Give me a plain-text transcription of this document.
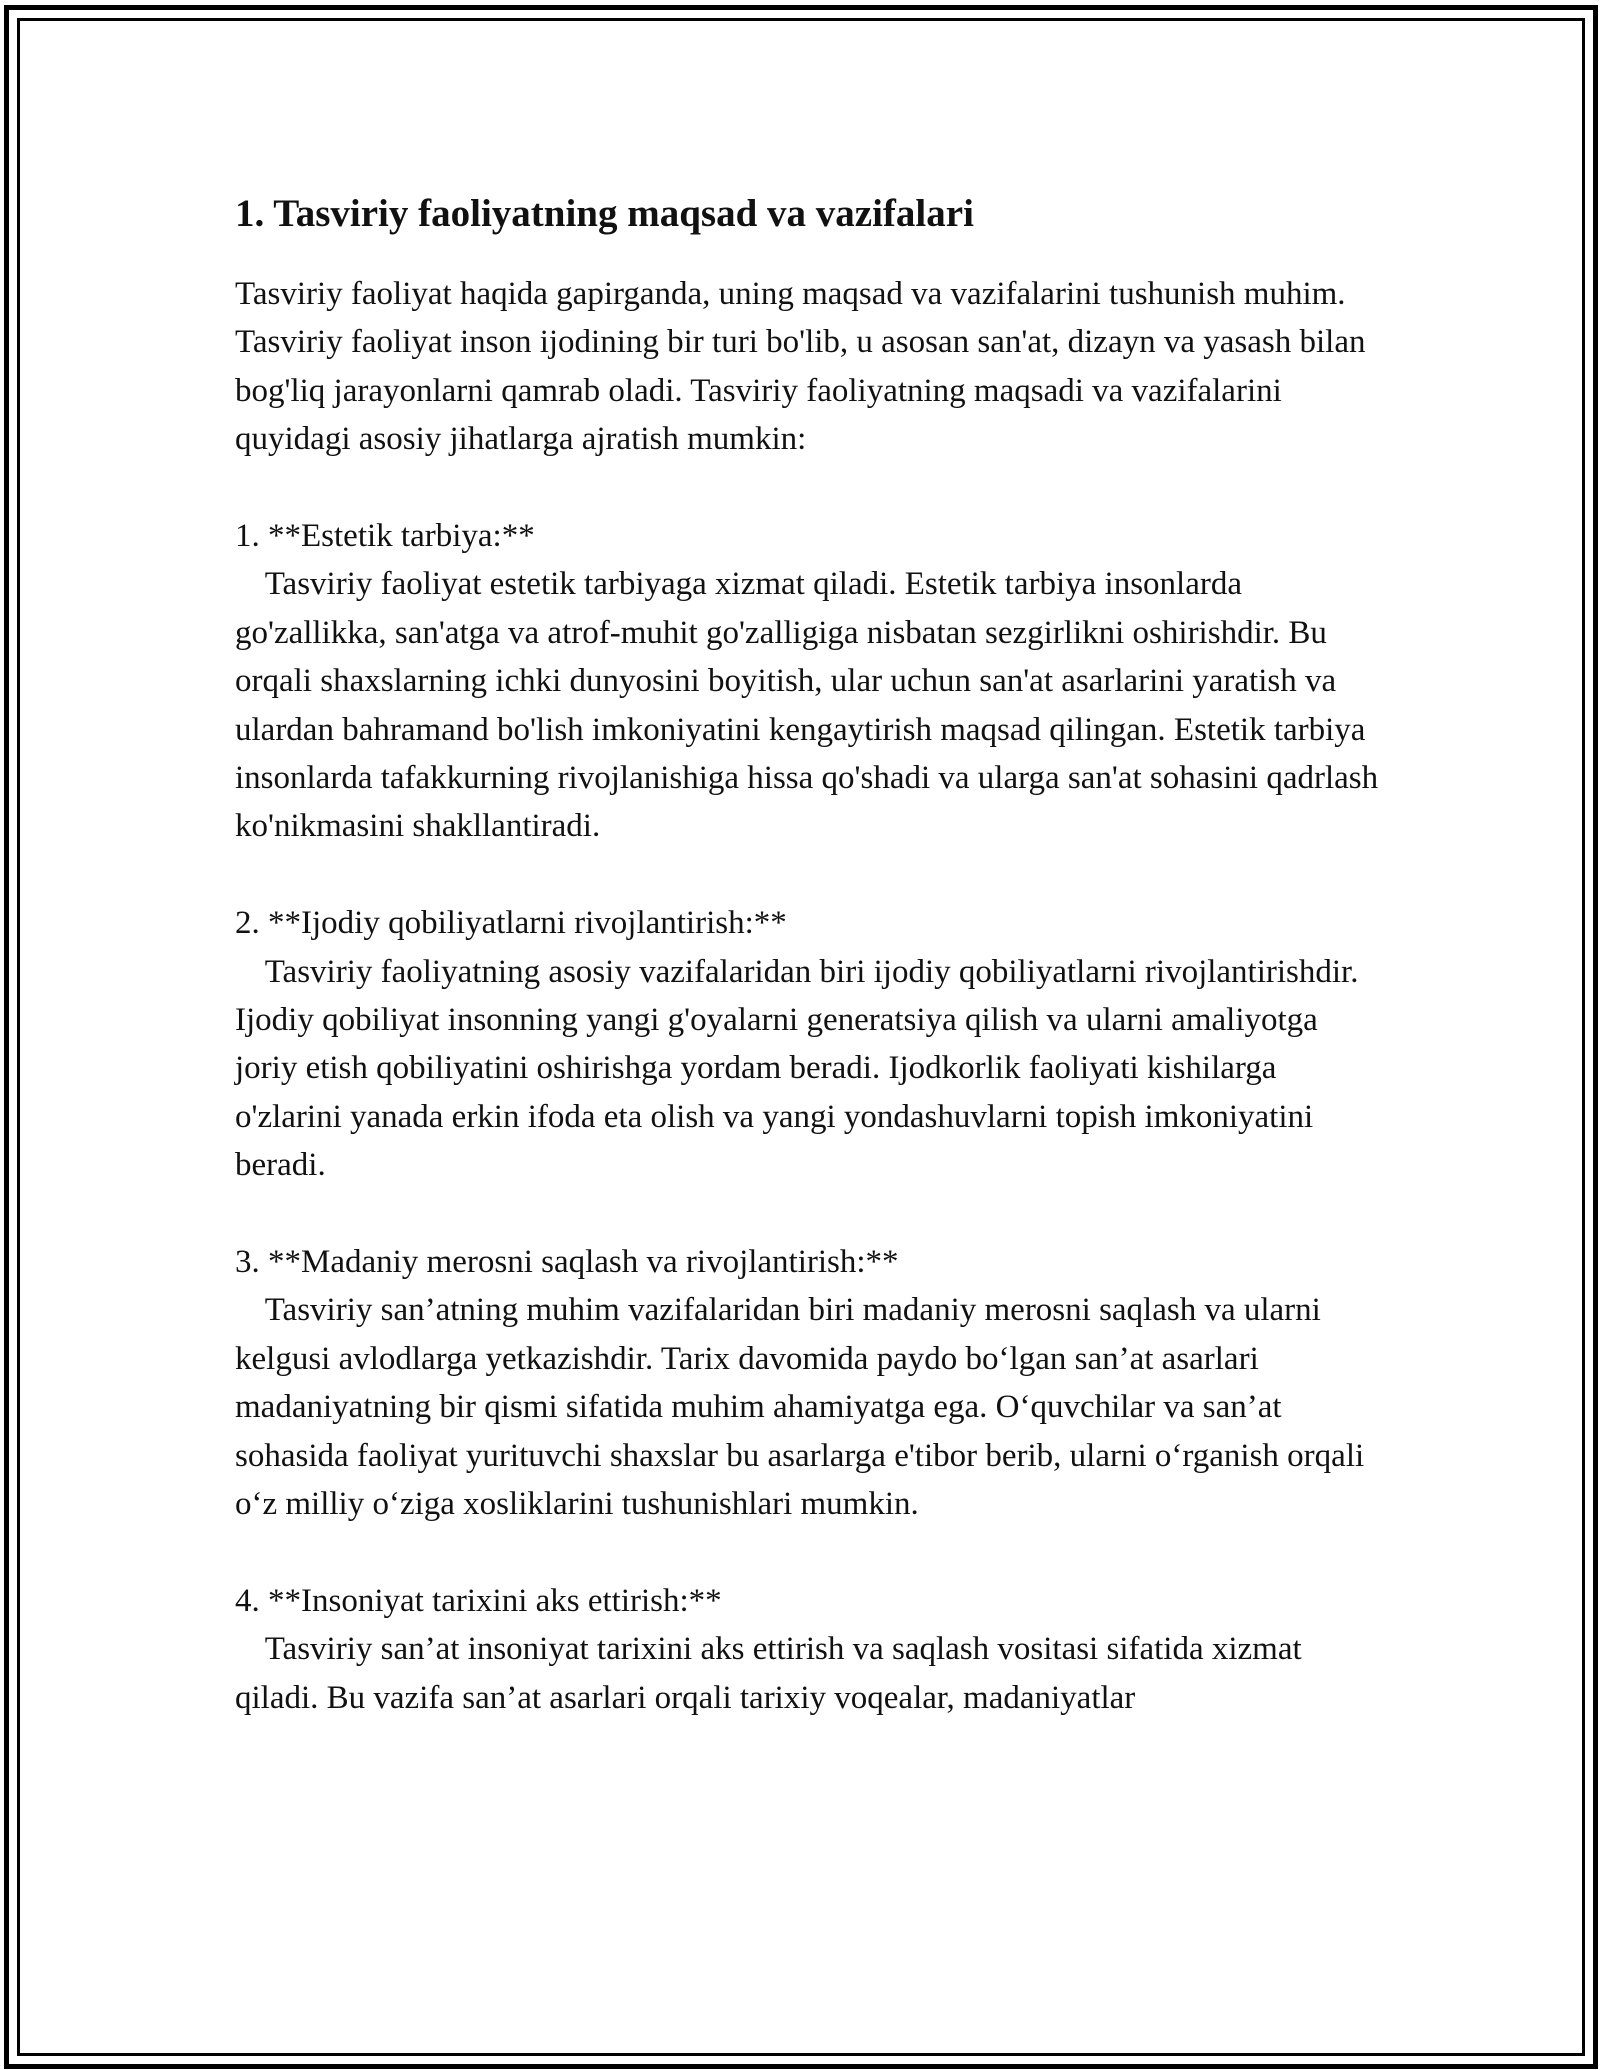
1. Tasviriy faoliyatning maqsad va vazifalari

Tasviriy faoliyat haqida gapirganda, uning maqsad va vazifalarini tushunish muhim. Tasviriy faoliyat inson ijodining bir turi bo'lib, u asosan san'at, dizayn va yasash bilan bog'liq jarayonlarni qamrab oladi. Tasviriy faoliyatning maqsadi va vazifalarini quyidagi asosiy jihatlarga ajratish mumkin:

1. **Estetik tarbiya:**

Tasviriy faoliyat estetik tarbiyaga xizmat qiladi. Estetik tarbiya insonlarda go'zallikka, san'atga va atrof-muhit go'zalligiga nisbatan sezgirlikni oshirishdir. Bu orqali shaxslarning ichki dunyosini boyitish, ular uchun san'at asarlarini yaratish va ulardan bahramand bo'lish imkoniyatini kengaytirish maqsad qilingan. Estetik tarbiya insonlarda tafakkurning rivojlanishiga hissa qo'shadi va ularga san'at sohasini qadrlash ko'nikmasini shakllantiradi.

2. **Ijodiy qobiliyatlarni rivojlantirish:**

Tasviriy faoliyatning asosiy vazifalaridan biri ijodiy qobiliyatlarni rivojlantirishdir. Ijodiy qobiliyat insonning yangi g'oyalarni generatsiya qilish va ularni amaliyotga joriy etish qobiliyatini oshirishga yordam beradi. Ijodkorlik faoliyati kishilarga o'zlarini yanada erkin ifoda eta olish va yangi yondashuvlarni topish imkoniyatini beradi.

3. **Madaniy merosni saqlash va rivojlantirish:**

Tasviriy san’atning muhim vazifalaridan biri madaniy merosni saqlash va ularni kelgusi avlodlarga yetkazishdir. Tarix davomida paydo bo‘lgan san’at asarlari madaniyatning bir qismi sifatida muhim ahamiyatga ega. O‘quvchilar va san’at sohasida faoliyat yurituvchi shaxslar bu asarlarga e'tibor berib, ularni o‘rganish orqali o‘z milliy o‘ziga xosliklarini tushunishlari mumkin.

4. **Insoniyat tarixini aks ettirish:**

Tasviriy san’at insoniyat tarixini aks ettirish va saqlash vositasi sifatida xizmat qiladi. Bu vazifa san’at asarlari orqali tarixiy voqealar, madaniyatlar
